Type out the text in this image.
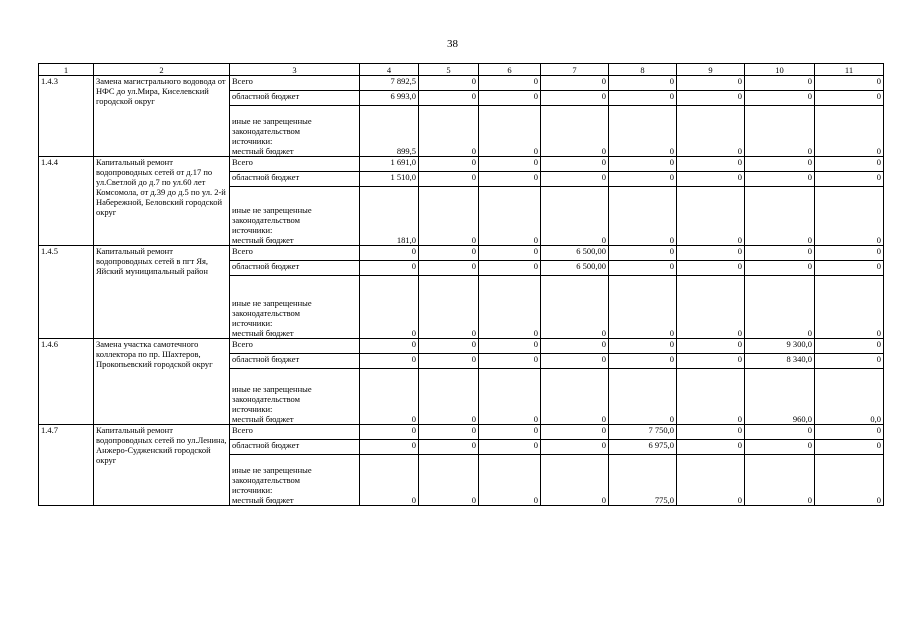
38
1	2	3	4	5	6	7	8	9	10	11
1.4.3	Замена магистрального водовода от НФС до ул.Мира, Киселевский городской округ	Всего	7 892,5	0	0	0	0	0	0	0
		областной бюджет	6 993,0	0	0	0	0	0	0	0

		иные не запрещенные
законодательством
источники:
местный бюджет	899,5	0	0	0	0	0	0	0
1.4.4	Капитальный ремонт водопроводных сетей от д.17 по ул.Светлой до д.7 по ул.60 лет Комсомола, от д.39 до д.5 по ул. 2-й Набережной, Беловский городской округ	Всего	1 691,0	0	0	0	0	0	0	0
		областной бюджет	1 510,0	0	0	0	0	0	0	0

		иные не запрещенные
законодательством
источники:
местный бюджет	181,0	0	0	0	0	0	0	0
1.4.5	Капитальный ремонт водопроводных сетей в пгт Яя, Яйский муниципальный район	Всего	0	0	0	6 500,00	0	0	0	0
		областной бюджет	0	0	0	6 500,00	0	0	0	0

		иные не запрещенные
законодательством
источники:
местный бюджет	0	0	0	0	0	0	0	0
1.4.6	Замена участка самотечного коллектора по пр. Шахтеров, Прокопьевский городской округ	Всего	0	0	0	0	0	0	9 300,0	0
		областной бюджет	0	0	0	0	0	0	8 340,0	0

		иные не запрещенные
законодательством
источники:
местный бюджет	0	0	0	0	0	0	960,0	0,0
1.4.7	Капитальный ремонт водопроводных сетей по ул.Ленина, Анжеро-Судженский городской округ	Всего	0	0	0	0	7 750,0	0	0	0
		областной бюджет	0	0	0	0	6 975,0	0	0	0

		иные не запрещенные
законодательством
источники:
местный бюджет	0	0	0	0	775,0	0	0	0
